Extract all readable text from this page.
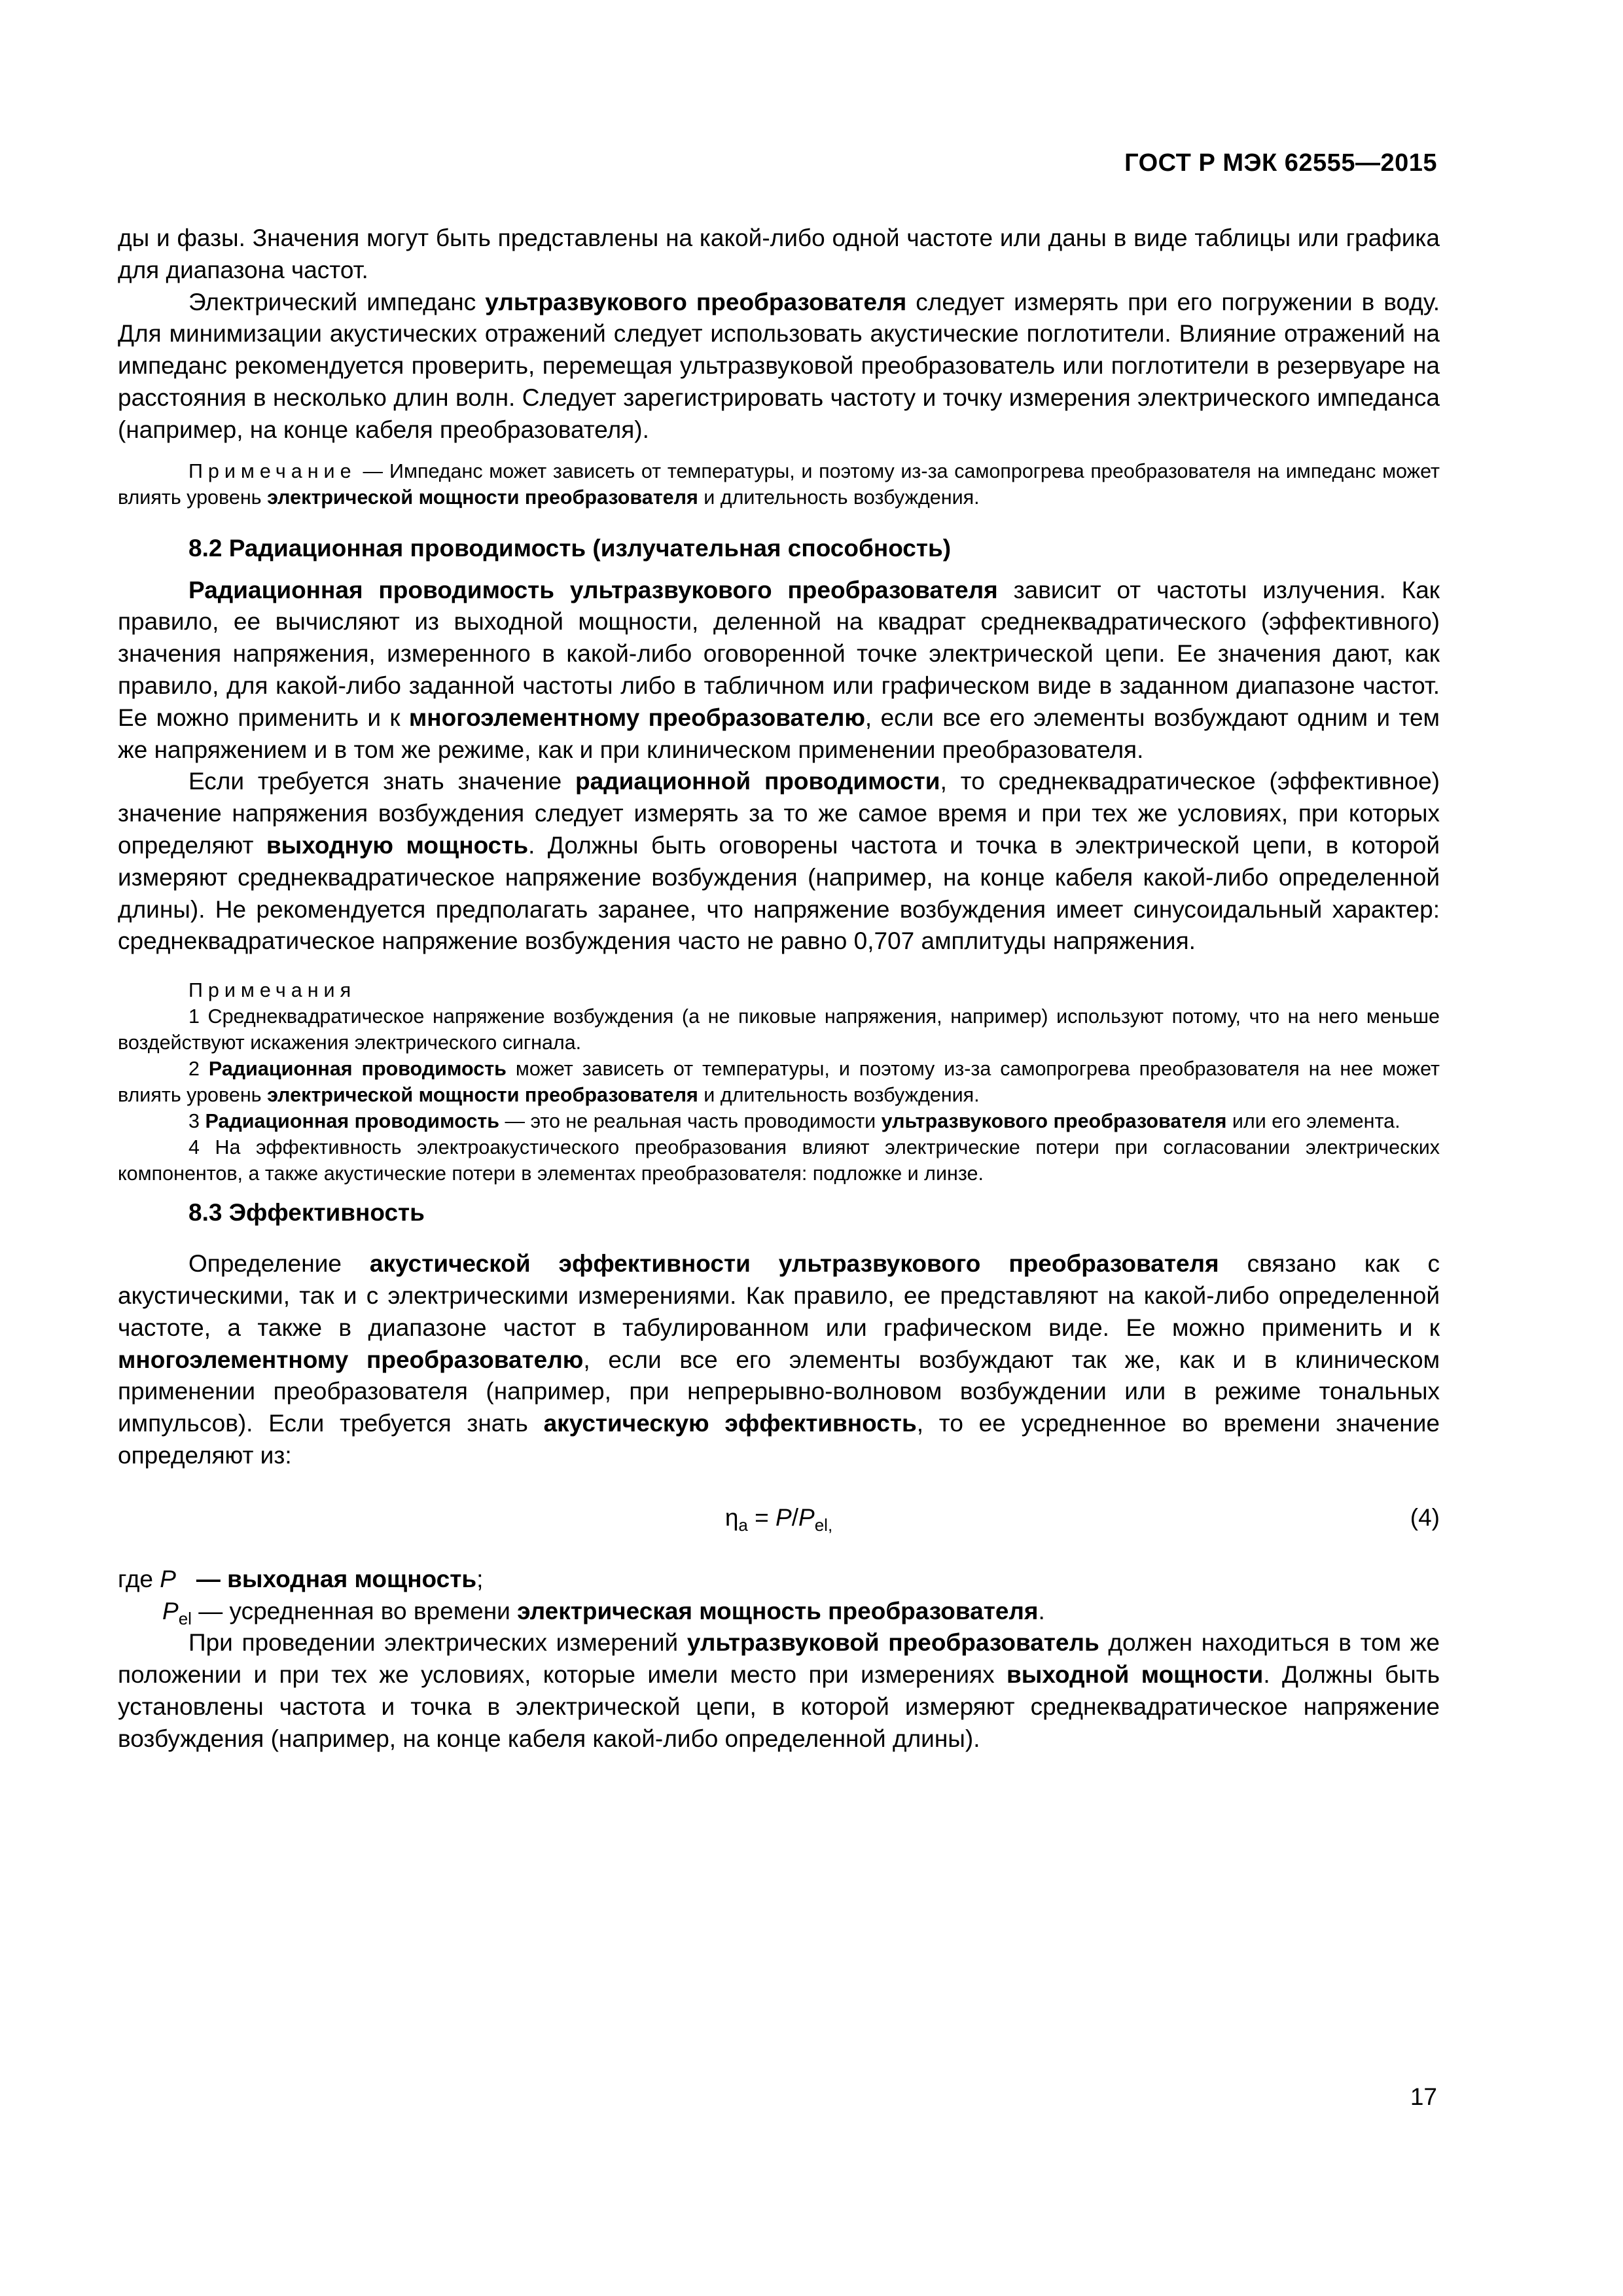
ГОСТ Р МЭК 62555—2015

ды и фазы. Значения могут быть представлены на какой-либо одной частоте или даны в виде таблицы или графика для диапазона частот.

Электрический импеданс ультразвукового преобразователя следует измерять при его погружении в воду. Для минимизации акустических отражений следует использовать акустические поглотители. Влияние отражений на импеданс рекомендуется проверить, перемещая ультразвуковой преобразователь или поглотители в резервуаре на расстояния в несколько длин волн. Следует зарегистрировать частоту и точку измерения электрического импеданса (например, на конце кабеля преобразователя).

Примечание — Импеданс может зависеть от температуры, и поэтому из-за самопрогрева преобразователя на импеданс может влиять уровень электрической мощности преобразователя и длительность возбуждения.

8.2 Радиационная проводимость (излучательная способность)

Радиационная проводимость ультразвукового преобразователя зависит от частоты излучения. Как правило, ее вычисляют из выходной мощности, деленной на квадрат среднеквадратического (эффективного) значения напряжения, измеренного в какой-либо оговоренной точке электрической цепи. Ее значения дают, как правило, для какой-либо заданной частоты либо в табличном или графическом виде в заданном диапазоне частот. Ее можно применить и к многоэлементному преобразователю, если все его элементы возбуждают одним и тем же напряжением и в том же режиме, как и при клиническом применении преобразователя.

Если требуется знать значение радиационной проводимости, то среднеквадратическое (эффективное) значение напряжения возбуждения следует измерять за то же самое время и при тех же условиях, при которых определяют выходную мощность. Должны быть оговорены частота и точка в электрической цепи, в которой измеряют среднеквадратическое напряжение возбуждения (например, на конце кабеля какой-либо определенной длины). Не рекомендуется предполагать заранее, что напряжение возбуждения имеет синусоидальный характер: среднеквадратическое напряжение возбуждения часто не равно 0,707 амплитуды напряжения.

Примечания

1 Среднеквадратическое напряжение возбуждения (а не пиковые напряжения, например) используют потому, что на него меньше воздействуют искажения электрического сигнала.

2 Радиационная проводимость может зависеть от температуры, и поэтому из-за самопрогрева преобразователя на нее может влиять уровень электрической мощности преобразователя и длительность возбуждения.

3 Радиационная проводимость — это не реальная часть проводимости ультразвукового преобразователя или его элемента.

4 На эффективность электроакустического преобразования влияют электрические потери при согласовании электрических компонентов, а также акустические потери в элементах преобразователя: подложке и линзе.

8.3 Эффективность

Определение акустической эффективности ультразвукового преобразователя связано как с акустическими, так и с электрическими измерениями. Как правило, ее представляют на какой-либо определенной частоте, а также в диапазоне частот в табулированном или графическом виде. Ее можно применить и к многоэлементному преобразователю, если все его элементы возбуждают так же, как и в клиническом применении преобразователя (например, при непрерывно-волновом возбуждении или в режиме тональных импульсов). Если требуется знать акустическую эффективность, то ее усредненное во времени значение определяют из:

$\eta_a = P/P_{el,}$	(4)

где P — выходная мощность;

$P_{el}$ — усредненная во времени электрическая мощность преобразователя.

При проведении электрических измерений ультразвуковой преобразователь должен находиться в том же положении и при тех же условиях, которые имели место при измерениях выходной мощности. Должны быть установлены частота и точка в электрической цепи, в которой измеряют среднеквадратическое напряжение возбуждения (например, на конце кабеля какой-либо определенной длины).

17
